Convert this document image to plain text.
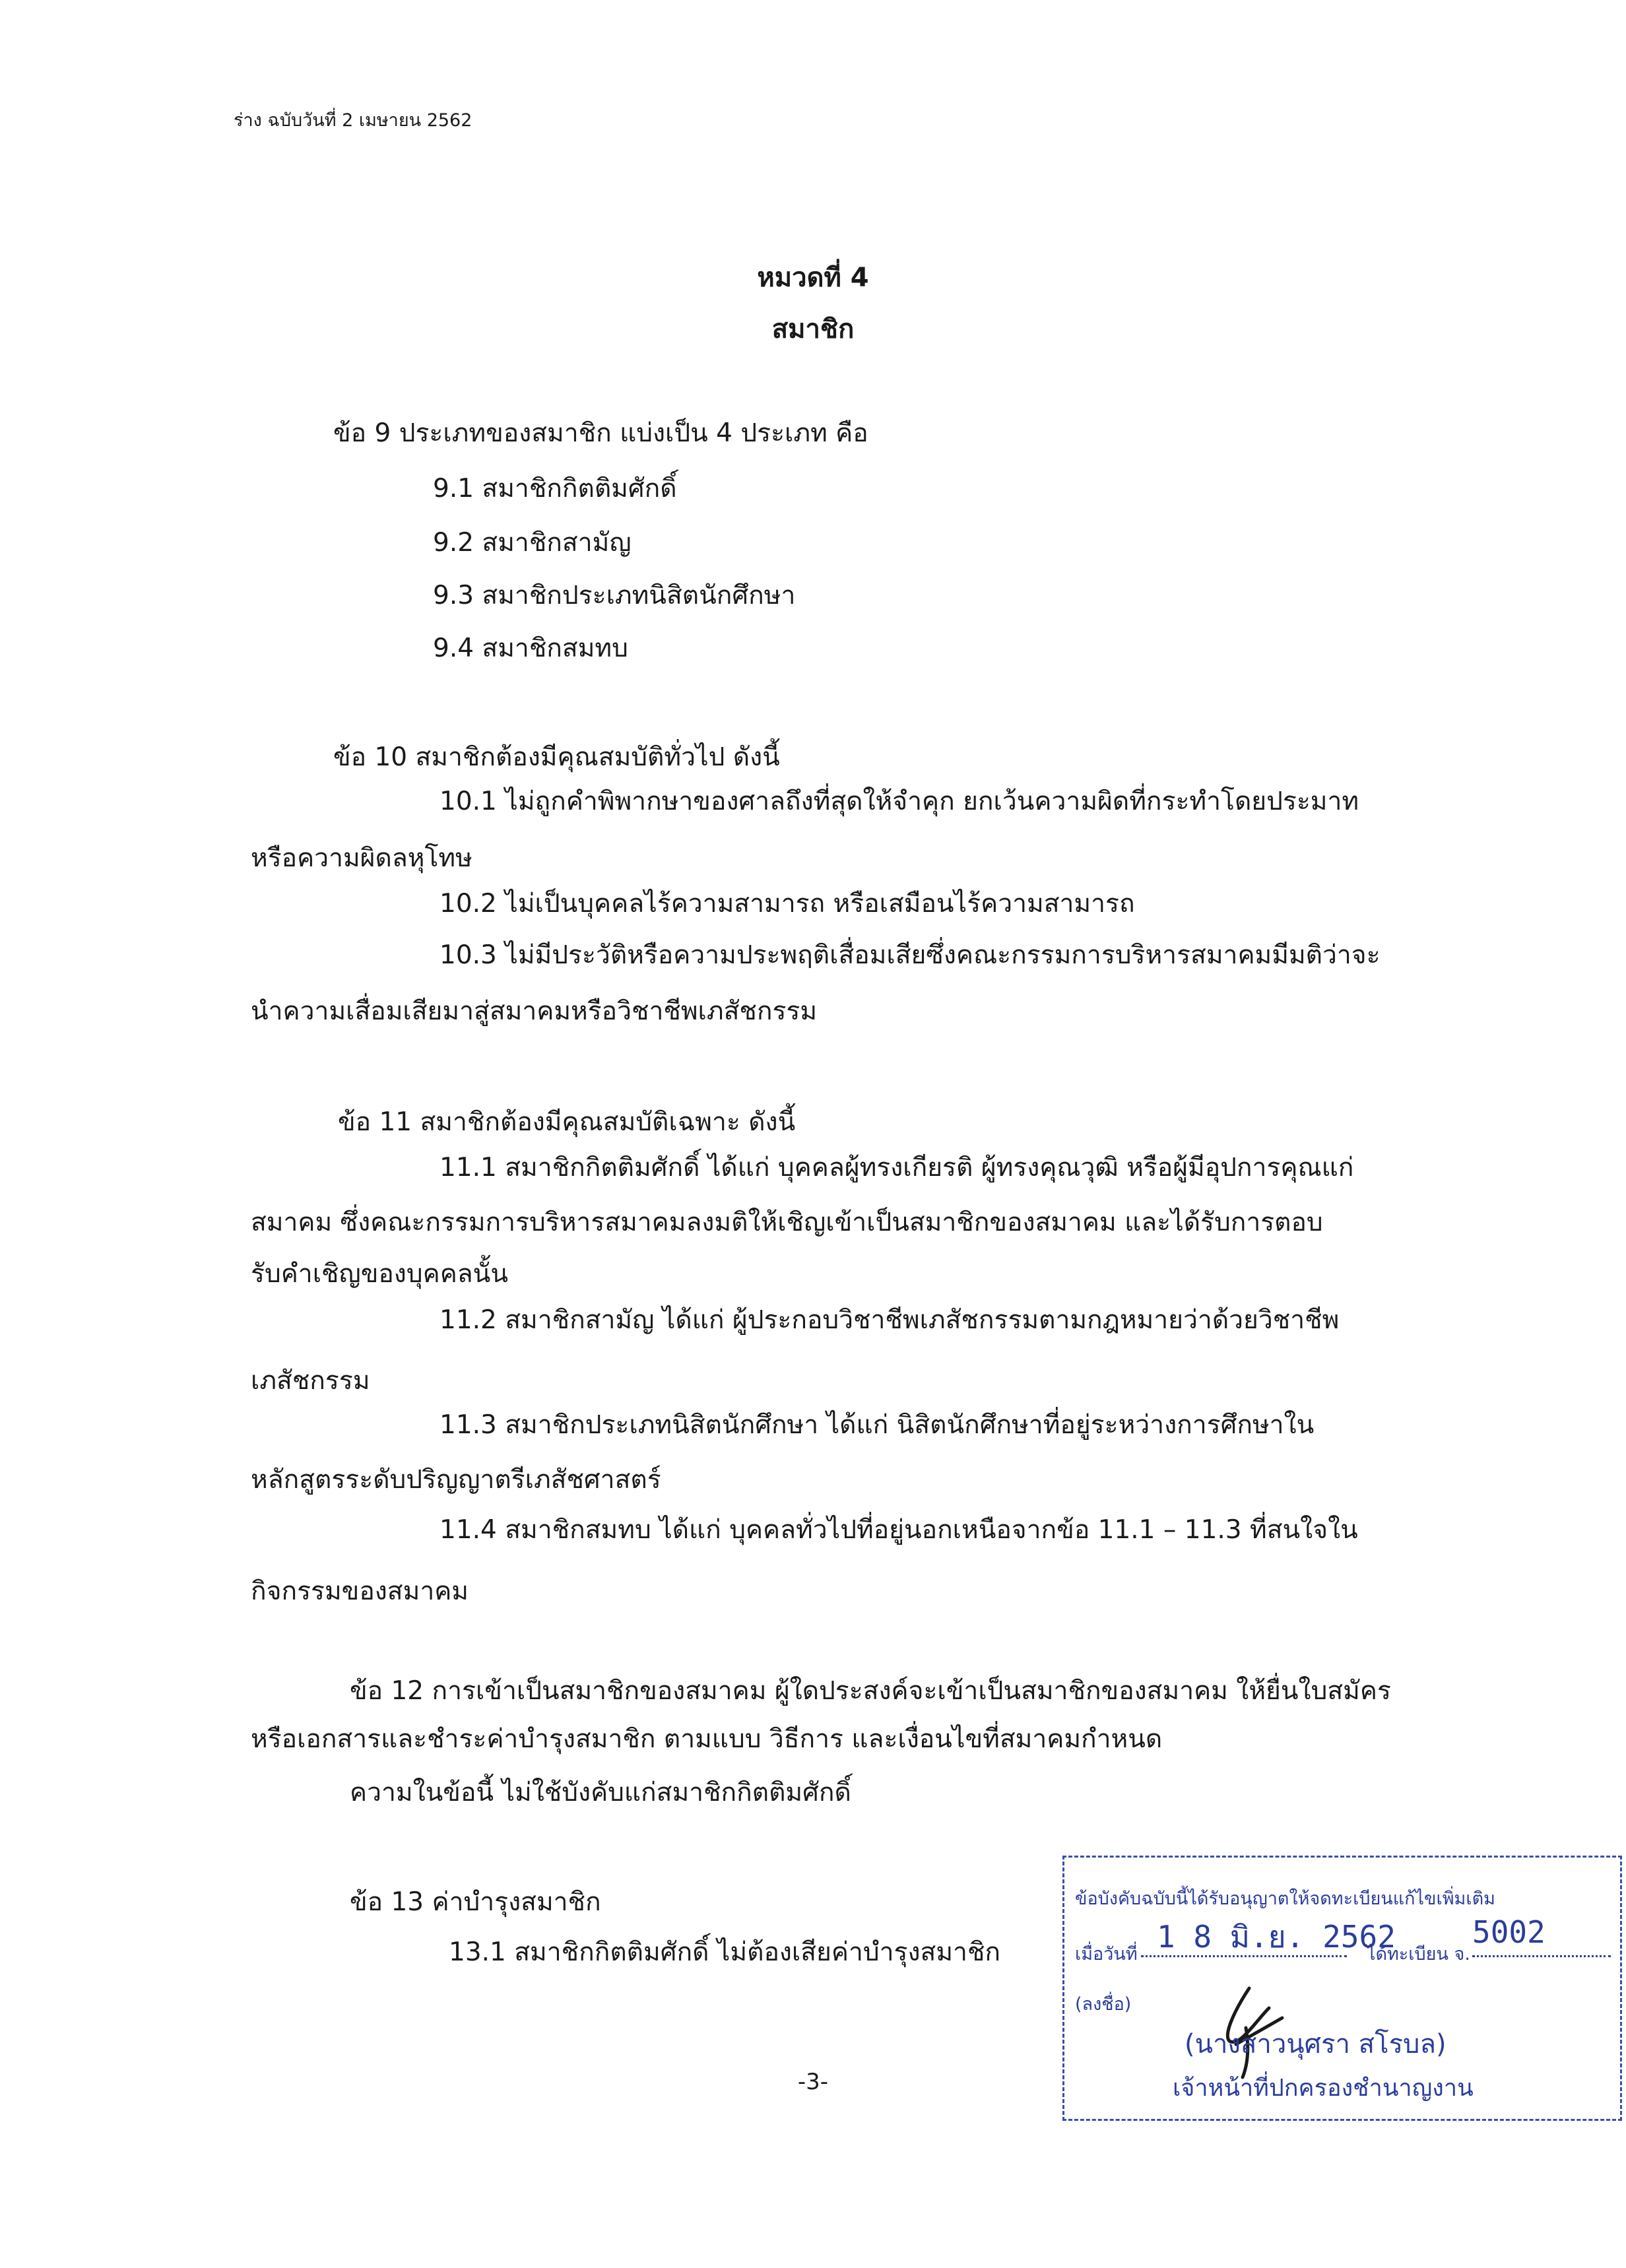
ร่าง ฉบับวันที่ 2 เมษายน 2562
หมวดที่ 4
สมาชิก
ข้อ 9 ประเภทของสมาชิก แบ่งเป็น 4 ประเภท คือ
9.1 สมาชิกกิตติมศักดิ์
9.2 สมาชิกสามัญ
9.3 สมาชิกประเภทนิสิตนักศึกษา
9.4 สมาชิกสมทบ
ข้อ 10 สมาชิกต้องมีคุณสมบัติทั่วไป ดังนี้
10.1 ไม่ถูกคำพิพากษาของศาลถึงที่สุดให้จำคุก ยกเว้นความผิดที่กระทำโดยประมาท
หรือความผิดลหุโทษ
10.2 ไม่เป็นบุคคลไร้ความสามารถ หรือเสมือนไร้ความสามารถ
10.3 ไม่มีประวัติหรือความประพฤติเสื่อมเสียซึ่งคณะกรรมการบริหารสมาคมมีมติว่าจะ
นำความเสื่อมเสียมาสู่สมาคมหรือวิชาชีพเภสัชกรรม
ข้อ 11 สมาชิกต้องมีคุณสมบัติเฉพาะ ดังนี้
11.1 สมาชิกกิตติมศักดิ์ ได้แก่ บุคคลผู้ทรงเกียรติ ผู้ทรงคุณวุฒิ หรือผู้มีอุปการคุณแก่
สมาคม ซึ่งคณะกรรมการบริหารสมาคมลงมติให้เชิญเข้าเป็นสมาชิกของสมาคม และได้รับการตอบ
รับคำเชิญของบุคคลนั้น
11.2 สมาชิกสามัญ ได้แก่ ผู้ประกอบวิชาชีพเภสัชกรรมตามกฎหมายว่าด้วยวิชาชีพ
เภสัชกรรม
11.3 สมาชิกประเภทนิสิตนักศึกษา ได้แก่ นิสิตนักศึกษาที่อยู่ระหว่างการศึกษาใน
หลักสูตรระดับปริญญาตรีเภสัชศาสตร์
11.4 สมาชิกสมทบ ได้แก่ บุคคลทั่วไปที่อยู่นอกเหนือจากข้อ 11.1 – 11.3 ที่สนใจใน
กิจกรรมของสมาคม
ข้อ 12 การเข้าเป็นสมาชิกของสมาคม ผู้ใดประสงค์จะเข้าเป็นสมาชิกของสมาคม ให้ยื่นใบสมัคร
หรือเอกสารและชำระค่าบำรุงสมาชิก ตามแบบ วิธีการ และเงื่อนไขที่สมาคมกำหนด
ความในข้อนี้ ไม่ใช้บังคับแก่สมาชิกกิตติมศักดิ์
ข้อ 13 ค่าบำรุงสมาชิก
13.1 สมาชิกกิตติมศักดิ์ ไม่ต้องเสียค่าบำรุงสมาชิก
-3-
ข้อบังคับฉบับนี้ได้รับอนุญาตให้จดทะเบียนแก้ไขเพิ่มเติม
1 8 มิ.ย. 2562	5002
เมื่อวันที่	ได้ทะเบียน จ.
(ลงชื่อ)
(นางสาวนุศรา สโรบล)
เจ้าหน้าที่ปกครองชำนาญงาน
